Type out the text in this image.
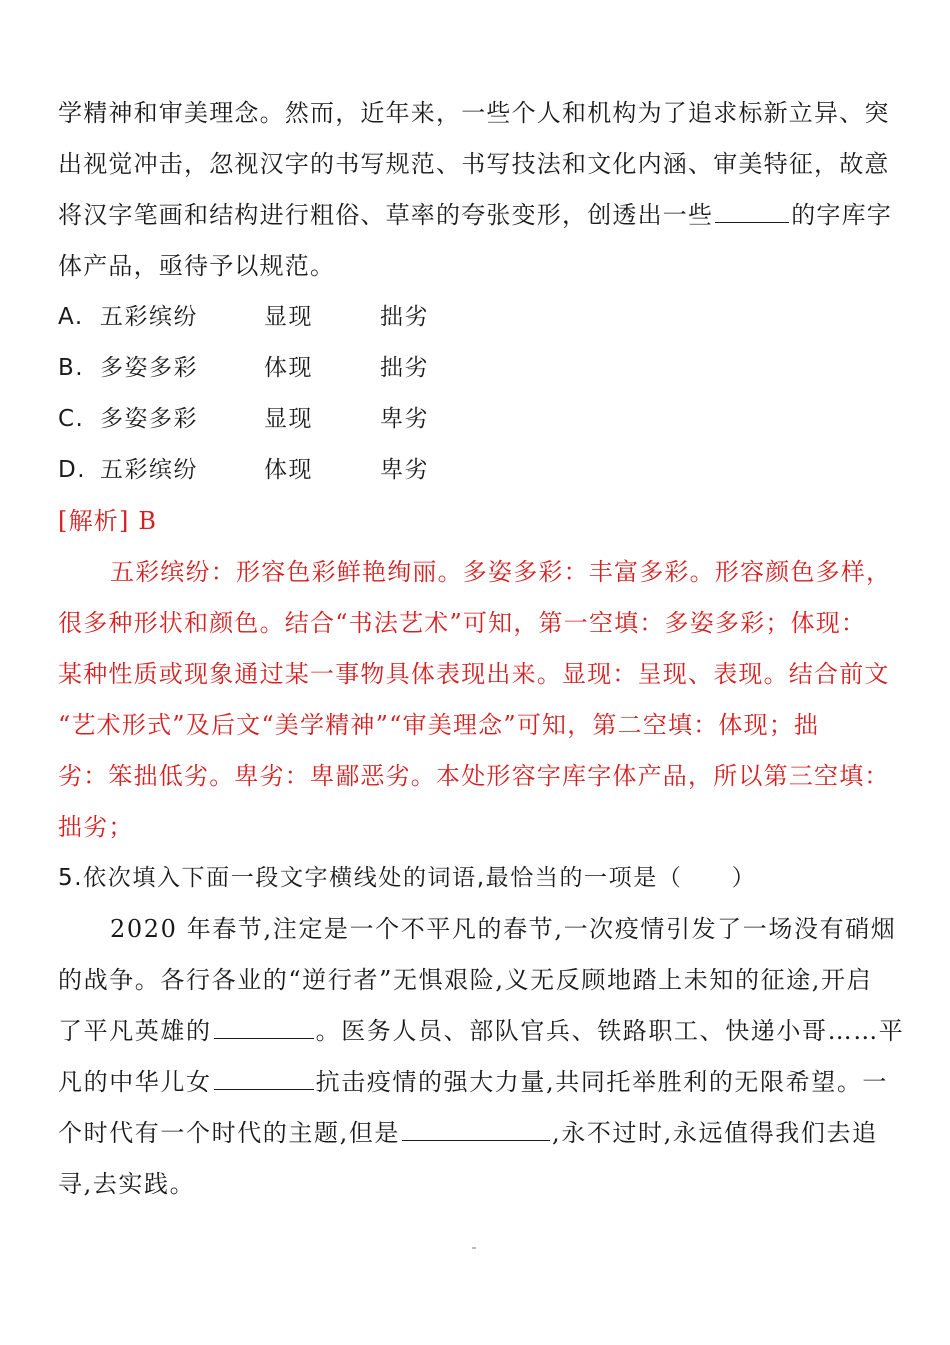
学精神和审美理念。然而，近年来，一些个人和机构为了追求标新立异、突
出视觉冲击，忽视汉字的书写规范、书写技法和文化内涵、审美特征，故意
将汉字笔画和结构进行粗俗、草率的夸张变形，创透出一些	的字库字
体产品，亟待予以规范。
A. 五彩缤纷	显现	拙劣
B. 多姿多彩	体现	拙劣
C. 多姿多彩	显现	卑劣
D. 五彩缤纷	体现	卑劣
[解析] B
五彩缤纷：形容色彩鲜艳绚丽。多姿多彩：丰富多彩。形容颜色多样，
很多种形状和颜色。结合“书法艺术”可知，第一空填：多姿多彩；体现：
某种性质或现象通过某一事物具体表现出来。显现：呈现、表现。结合前文
“艺术形式”及后文“美学精神”“审美理念”可知，第二空填：体现；拙
劣：笨拙低劣。卑劣：卑鄙恶劣。本处形容字库字体产品，所以第三空填：
拙劣；
5.依次填入下面一段文字横线处的词语,最恰当的一项是（　　）
2020 年春节,注定是一个不平凡的春节,一次疫情引发了一场没有硝烟
的战争。各行各业的“逆行者”无惧艰险,义无反顾地踏上未知的征途,开启
了平凡英雄的	。医务人员、部队官兵、铁路职工、快递小哥……平
凡的中华儿女	抗击疫情的强大力量,共同托举胜利的无限希望。一
个时代有一个时代的主题,但是	,永不过时,永远值得我们去追
寻,去实践。
